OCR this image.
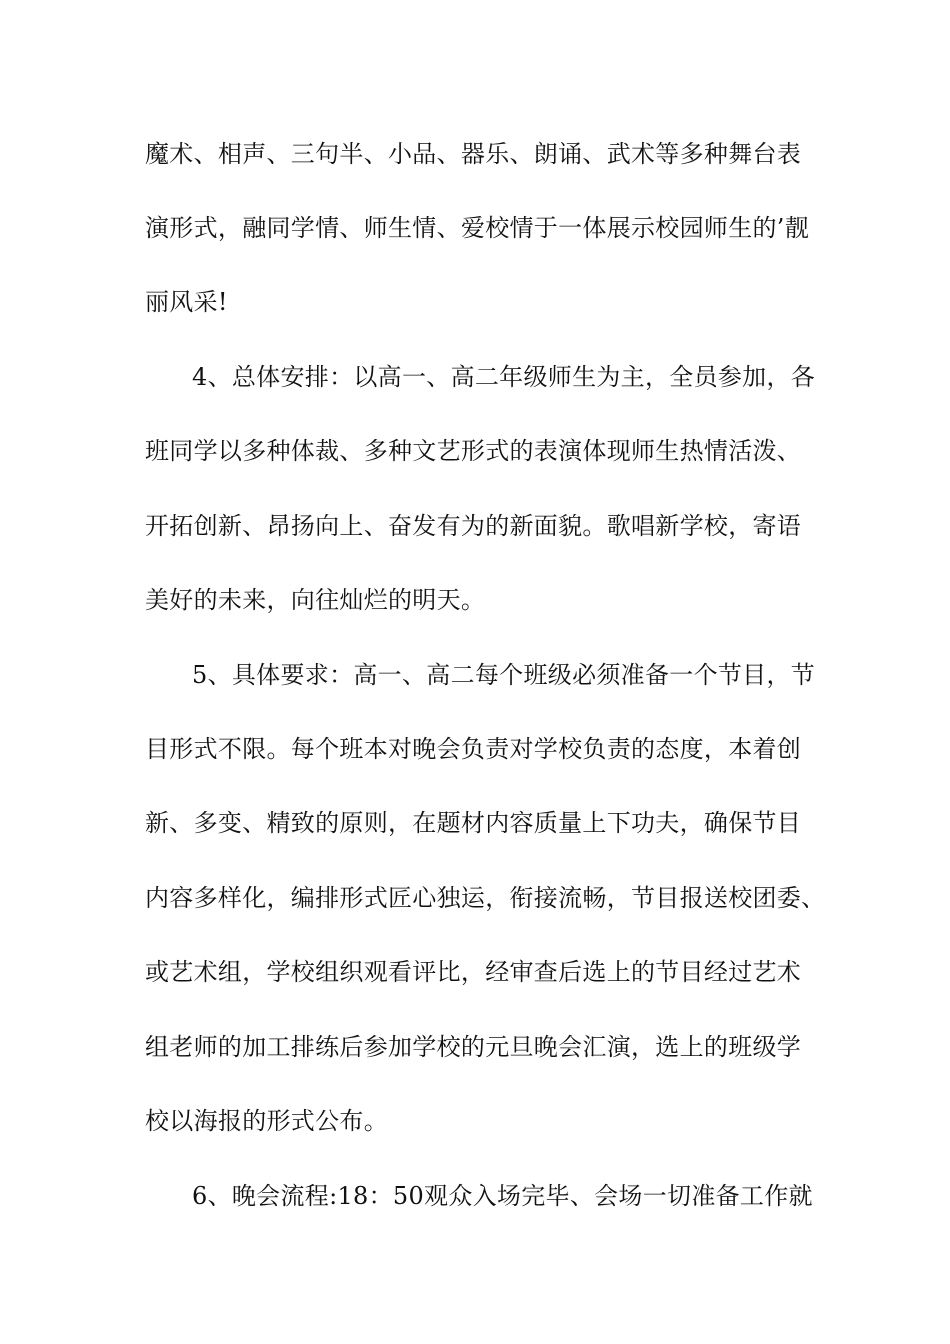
魔术、相声、三句半、小品、器乐、朗诵、武术等多种舞台表
演形式，融同学情、师生情、爱校情于一体展示校园师生的’靓
丽风采!
4、总体安排：以高一、高二年级师生为主，全员参加，各
班同学以多种体裁、多种文艺形式的表演体现师生热情活泼、
开拓创新、昂扬向上、奋发有为的新面貌。歌唱新学校，寄语
美好的未来，向往灿烂的明天。
5、具体要求：高一、高二每个班级必须准备一个节目，节
目形式不限。每个班本对晚会负责对学校负责的态度，本着创
新、多变、精致的原则，在题材内容质量上下功夫，确保节目
内容多样化，编排形式匠心独运，衔接流畅，节目报送校团委、
或艺术组，学校组织观看评比，经审查后选上的节目经过艺术
组老师的加工排练后参加学校的元旦晚会汇演，选上的班级学
校以海报的形式公布。
6、晚会流程:18：50观众入场完毕、会场一切准备工作就
